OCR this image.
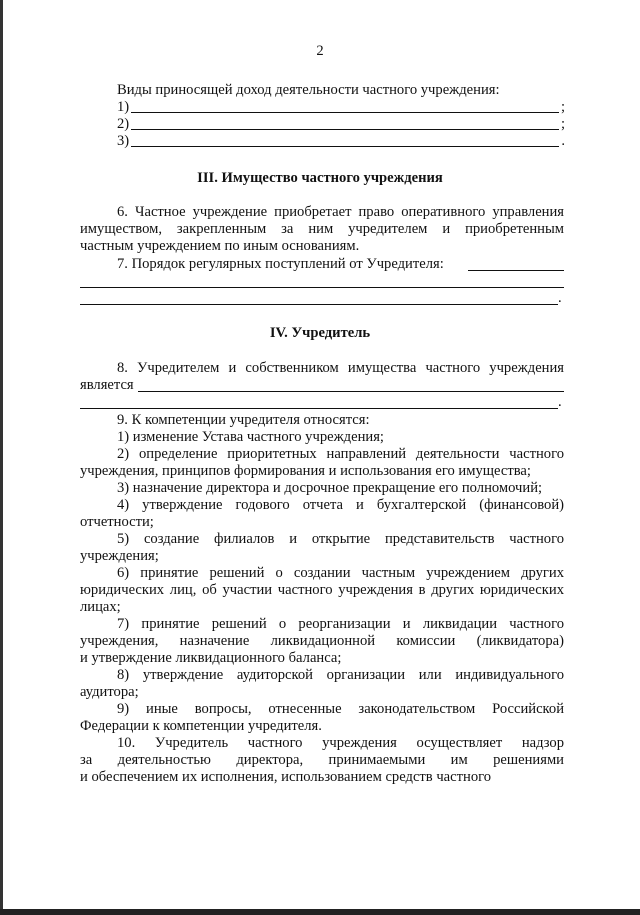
2
Виды приносящей доход деятельности частного учреждения:
1)	;
2)	;
3)	.
III. Имущество частного учреждения
6. Частное учреждение приобретает право оперативного управления
имуществом, закрепленным за ним учредителем и приобретенным
частным учреждением по иным основаниям.
7. Порядок регулярных поступлений от Учредителя:
.
IV. Учредитель
8. Учредителем и собственником имущества частного учреждения
является
.
9. К компетенции учредителя относятся:
1) изменение Устава частного учреждения;
2) определение приоритетных направлений деятельности частного
учреждения, принципов формирования и использования его имущества;
3) назначение директора и досрочное прекращение его полномочий;
4) утверждение годового отчета и бухгалтерской (финансовой)
отчетности;
5) создание филиалов и открытие представительств частного
учреждения;
6) принятие решений о создании частным учреждением других
юридических лиц, об участии частного учреждения в других юридических
лицах;
7) принятие решений о реорганизации и ликвидации частного
учреждения, назначение ликвидационной комиссии (ликвидатора)
и утверждение ликвидационного баланса;
8) утверждение аудиторской организации или индивидуального
аудитора;
9) иные вопросы, отнесенные законодательством Российской
Федерации к компетенции учредителя.
10. Учредитель частного учреждения осуществляет надзор
за деятельностью директора, принимаемыми им решениями
и обеспечением их исполнения, использованием средств частного
